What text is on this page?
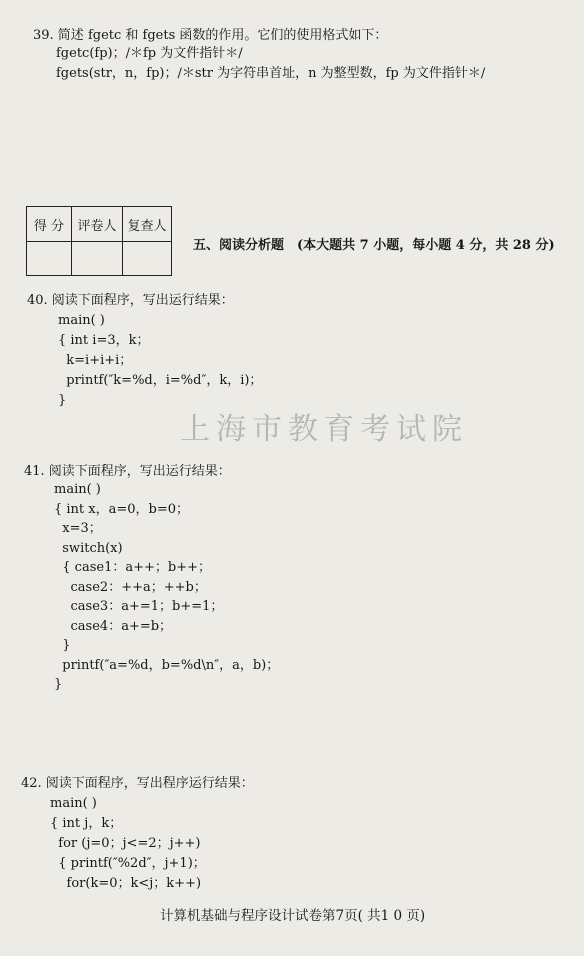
39. 简述 fgetc 和 fgets 函数的作用。它们的使用格式如下：
fgetc(fp)；/＊fp 为文件指针＊/
fgets(str，n，fp)；/＊str 为字符串首址，n 为整型数，fp 为文件指针＊/
得 分	评卷人	复查人

五、阅读分析题　(本大题共 7 小题，每小题 4 分，共 28 分)
40. 阅读下面程序，写出运行结果：
main( )
{ int i=3，k；
k=i+i+i；
printf(″k=%d，i=%d″，k，i)；
}
上海市教育考试院
41. 阅读下面程序，写出运行结果：
main( )
{ int x，a=0，b=0；
x=3；
switch(x)
{ case1：a++；b++；
case2：++a；++b；
case3：a+=1；b+=1；
case4：a+=b；
}
printf(″a=%d，b=%d\n″，a，b)；
}
42. 阅读下面程序，写出程序运行结果：
main( )
{ int j，k；
for (j=0；j<=2；j++)
{ printf(″%2d″，j+1)；
for(k=0；k<j；k++)
计算机基础与程序设计试卷第7页( 共1 0 页)
